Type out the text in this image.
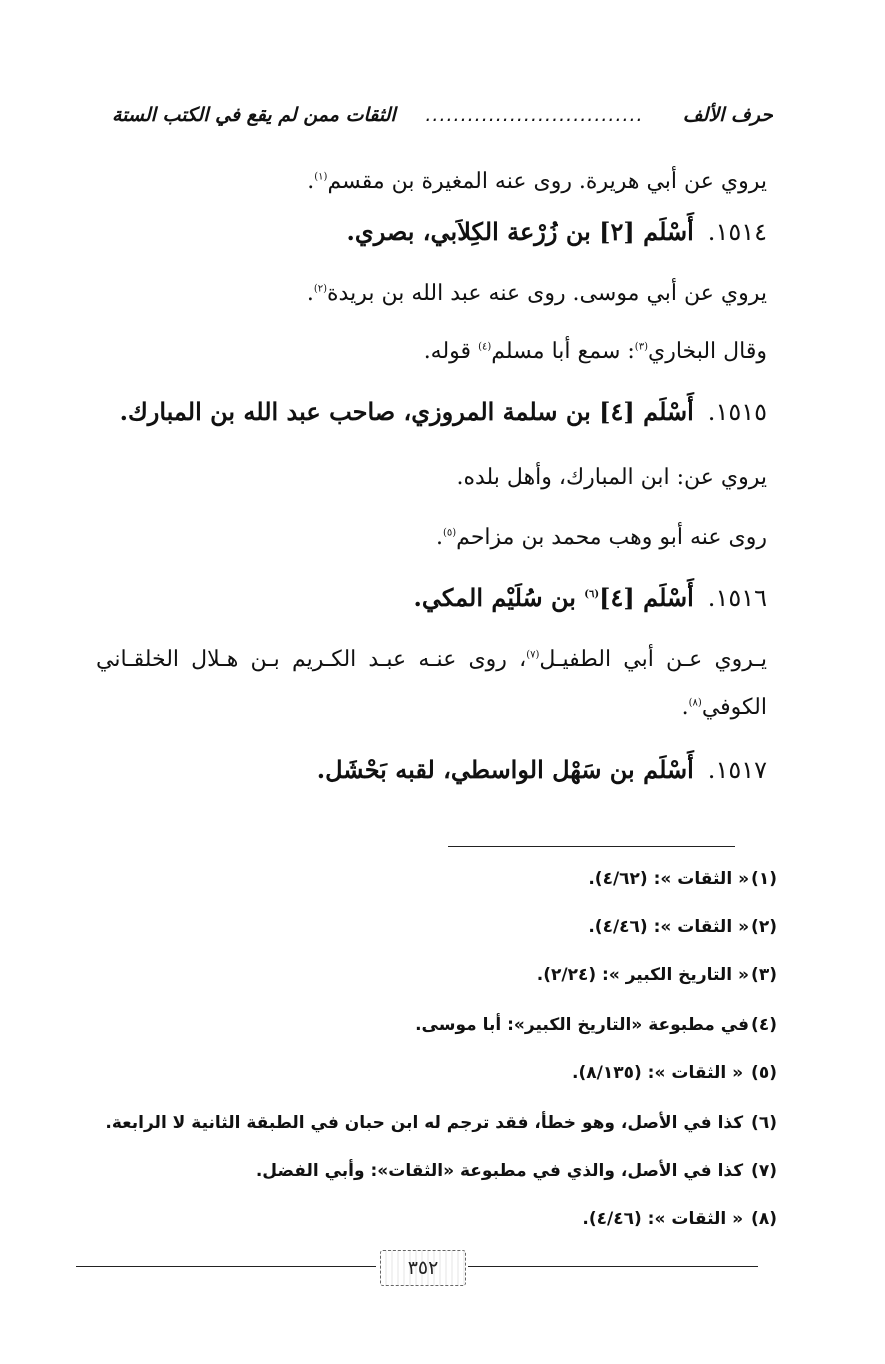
حرف الألف
...............................
الثقات ممن لم يقع في الكتب الستة
يروي عن أبي هريرة. روى عنه المغيرة بن مقسم$^{(١)}$.
١٥١٤.أَسْلَم [٢] بن زُرْعة الكِلاَبي، بصري.
يروي عن أبي موسى. روى عنه عبد الله بن بريدة$^{(٢)}$.
وقال البخاري$^{(٣)}$: سمع أبا مسلم$^{(٤)}$ قوله.
١٥١٥.أَسْلَم [٤] بن سلمة المروزي، صاحب عبد الله بن المبارك.
يروي عن: ابن المبارك، وأهل بلده.
روى عنه أبو وهب محمد بن مزاحم$^{(٥)}$.
١٥١٦.أَسْلَم [٤]$^{(٦)}$ بن سُلَيْم المكي.
يـروي عـن أبي الطفيـل$^{(٧)}$، روى عنـه عبـد الكـريم بـن هـلال الخلقـاني
الكوفي$^{(٨)}$.
١٥١٧.أَسْلَم بن سَهْل الواسطي، لقبه بَحْشَل.
(١)« الثقات »: (٤/٦٢).
(٢)« الثقات »: (٤/٤٦).
(٣)« التاريخ الكبير »: (٢/٢٤).
(٤)في مطبوعة «التاريخ الكبير»: أبا موسى.
(٥) « الثقات »: (٨/١٣٥).
(٦) كذا في الأصل، وهو خطأ، فقد ترجم له ابن حبان في الطبقة الثانية لا الرابعة.
(٧) كذا في الأصل، والذي في مطبوعة «الثقات»: وأبي الفضل.
(٨) « الثقات »: (٤/٤٦).
٣٥٢
